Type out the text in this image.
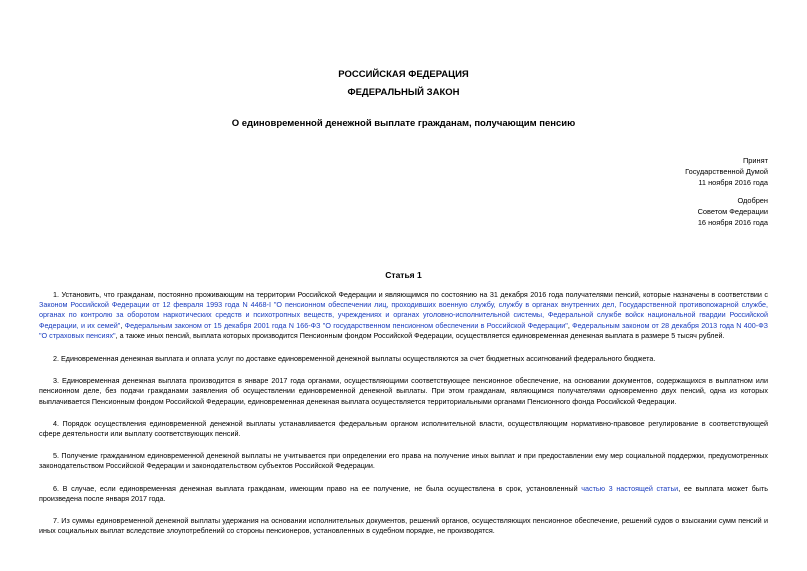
РОССИЙСКАЯ ФЕДЕРАЦИЯ
ФЕДЕРАЛЬНЫЙ ЗАКОН
О единовременной денежной выплате гражданам, получающим пенсию
Принят
Государственной Думой
11 ноября 2016 года
Одобрен
Советом Федерации
16 ноября 2016 года
Статья 1

1. Установить, что гражданам, постоянно проживающим на территории Российской Федерации и являющимся по состоянию на 31 декабря 2016 года получателями пенсий, которые назначены в соответствии с Законом Российской Федерации от 12 февраля 1993 года N 4468-I "О пенсионном обеспечении лиц, проходивших военную службу, службу в органах внутренних дел, Государственной противопожарной службе, органах по контролю за оборотом наркотических средств и психотропных веществ, учреждениях и органах уголовно-исполнительной системы, Федеральной службе войск национальной гвардии Российской Федерации, и их семей", Федеральным законом от 15 декабря 2001 года N 166-ФЗ "О государственном пенсионном обеспечении в Российской Федерации", Федеральным законом от 28 декабря 2013 года N 400-ФЗ "О страховых пенсиях", а также иных пенсий, выплата которых производится Пенсионным фондом Российской Федерации, осуществляется единовременная денежная выплата в размере 5 тысяч рублей.

2. Единовременная денежная выплата и оплата услуг по доставке единовременной денежной выплаты осуществляются за счет бюджетных ассигнований федерального бюджета.

3. Единовременная денежная выплата производится в январе 2017 года органами, осуществляющими соответствующее пенсионное обеспечение, на основании документов, содержащихся в выплатном или пенсионном деле, без подачи гражданами заявления об осуществлении единовременной денежной выплаты. При этом гражданам, являющимся получателями одновременно двух пенсий, одна из которых выплачивается Пенсионным фондом Российской Федерации, единовременная денежная выплата осуществляется территориальными органами Пенсионного фонда Российской Федерации.

4. Порядок осуществления единовременной денежной выплаты устанавливается федеральным органом исполнительной власти, осуществляющим нормативно-правовое регулирование в соответствующей сфере деятельности или выплату соответствующих пенсий.

5. Получение гражданином единовременной денежной выплаты не учитывается при определении его права на получение иных выплат и при предоставлении ему мер социальной поддержки, предусмотренных законодательством Российской Федерации и законодательством субъектов Российской Федерации.

6. В случае, если единовременная денежная выплата гражданам, имеющим право на ее получение, не была осуществлена в срок, установленный частью 3 настоящей статьи, ее выплата может быть произведена после января 2017 года.

7. Из суммы единовременной денежной выплаты удержания на основании исполнительных документов, решений органов, осуществляющих пенсионное обеспечение, решений судов о взыскании сумм пенсий и иных социальных выплат вследствие злоупотреблений со стороны пенсионеров, установленных в судебном порядке, не производятся.
